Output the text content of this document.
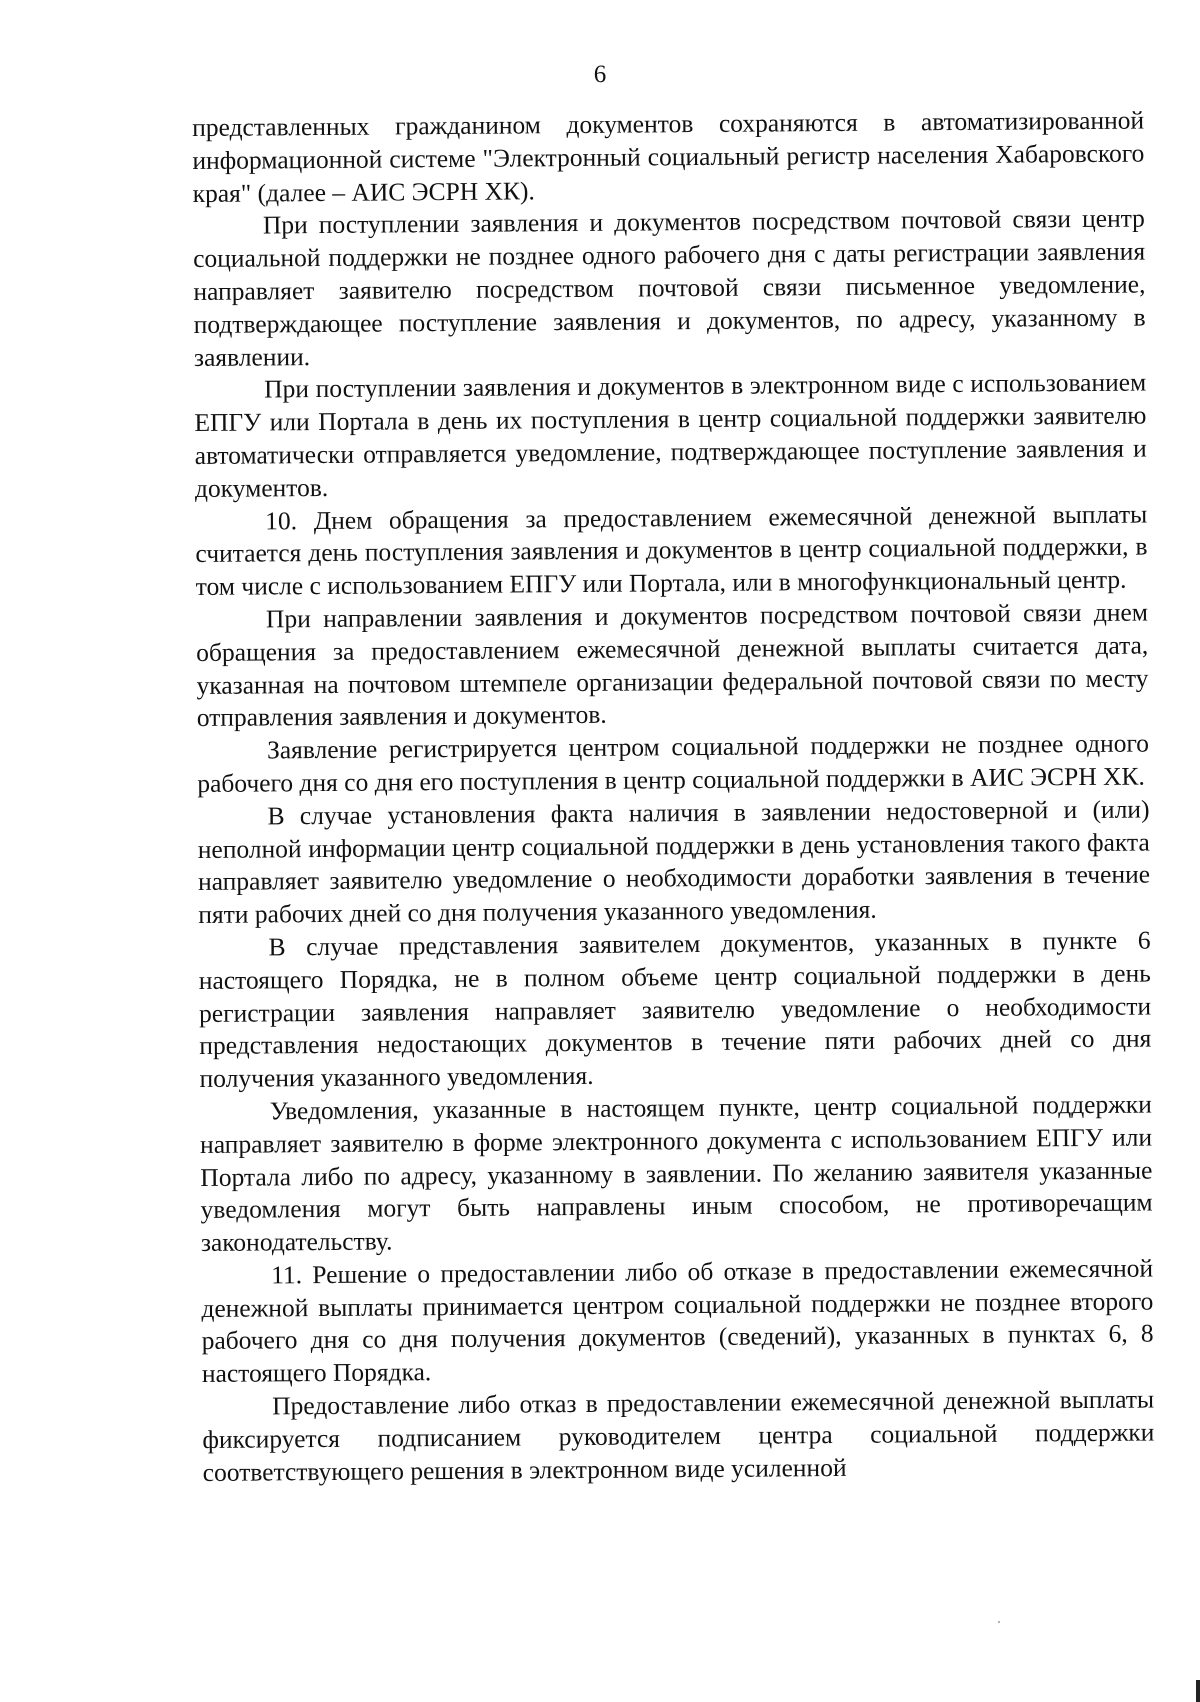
6

представленных гражданином документов сохраняются в автоматизированной информационной системе "Электронный социальный регистр населения Хабаровского края" (далее – АИС ЭСРН ХК).

При поступлении заявления и документов посредством почтовой связи центр социальной поддержки не позднее одного рабочего дня с даты регистрации заявления направляет заявителю посредством почтовой связи письменное уведомление, подтверждающее поступление заявления и документов, по адресу, указанному в заявлении.

При поступлении заявления и документов в электронном виде с использованием ЕПГУ или Портала в день их поступления в центр социальной поддержки заявителю автоматически отправляется уведомление, подтверждающее поступление заявления и документов.

10. Днем обращения за предоставлением ежемесячной денежной выплаты считается день поступления заявления и документов в центр социальной поддержки, в том числе с использованием ЕПГУ или Портала, или в многофункциональный центр.

При направлении заявления и документов посредством почтовой связи днем обращения за предоставлением ежемесячной денежной выплаты считается дата, указанная на почтовом штемпеле организации федеральной почтовой связи по месту отправления заявления и документов.

Заявление регистрируется центром социальной поддержки не позднее одного рабочего дня со дня его поступления в центр социальной поддержки в АИС ЭСРН ХК.

В случае установления факта наличия в заявлении недостоверной и (или) неполной информации центр социальной поддержки в день установления такого факта направляет заявителю уведомление о необходимости доработки заявления в течение пяти рабочих дней со дня получения указанного уведомления.

В случае представления заявителем документов, указанных в пункте 6 настоящего Порядка, не в полном объеме центр социальной поддержки в день регистрации заявления направляет заявителю уведомление о необходимости представления недостающих документов в течение пяти рабочих дней со дня получения указанного уведомления.

Уведомления, указанные в настоящем пункте, центр социальной поддержки направляет заявителю в форме электронного документа с использованием ЕПГУ или Портала либо по адресу, указанному в заявлении. По желанию заявителя указанные уведомления могут быть направлены иным способом, не противоречащим законодательству.

11. Решение о предоставлении либо об отказе в предоставлении ежемесячной денежной выплаты принимается центром социальной поддержки не позднее второго рабочего дня со дня получения документов (сведений), указанных в пунктах 6, 8 настоящего Порядка.

Предоставление либо отказ в предоставлении ежемесячной денежной выплаты фиксируется подписанием руководителем центра социальной поддержки соответствующего решения в электронном виде усиленной
